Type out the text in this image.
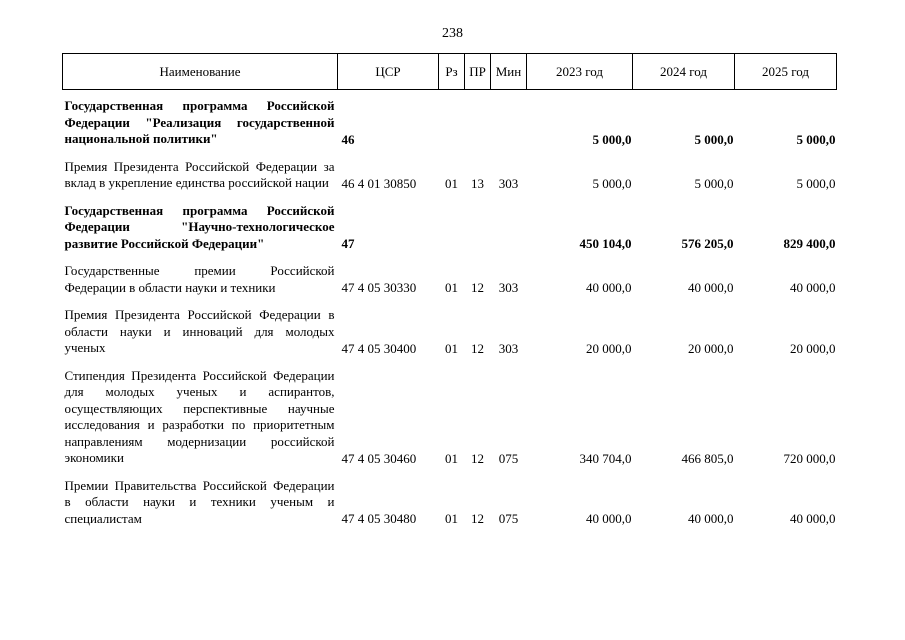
238
Наименование	ЦСР	Рз	ПР	Мин	2023 год	2024 год	2025 год
Государственная программа Российской Федерации "Реализация государственной национальной политики"	46				5 000,0	5 000,0	5 000,0
Премия Президента Российской Федерации за вклад в укрепление единства российской нации	46 4 01 30850	01	13	303	5 000,0	5 000,0	5 000,0
Государственная программа Российской Федерации "Научно-технологическое развитие Российской Федерации"	47				450 104,0	576 205,0	829 400,0
Государственные премии Российской Федерации в области науки и техники	47 4 05 30330	01	12	303	40 000,0	40 000,0	40 000,0
Премия Президента Российской Федерации в области науки и инноваций для молодых ученых	47 4 05 30400	01	12	303	20 000,0	20 000,0	20 000,0
Стипендия Президента Российской Федерации для молодых ученых и аспирантов, осуществляющих перспективные научные исследования и разработки по приоритетным направлениям модернизации российской экономики	47 4 05 30460	01	12	075	340 704,0	466 805,0	720 000,0
Премии Правительства Российской Федерации в области науки и техники ученым и специалистам	47 4 05 30480	01	12	075	40 000,0	40 000,0	40 000,0
